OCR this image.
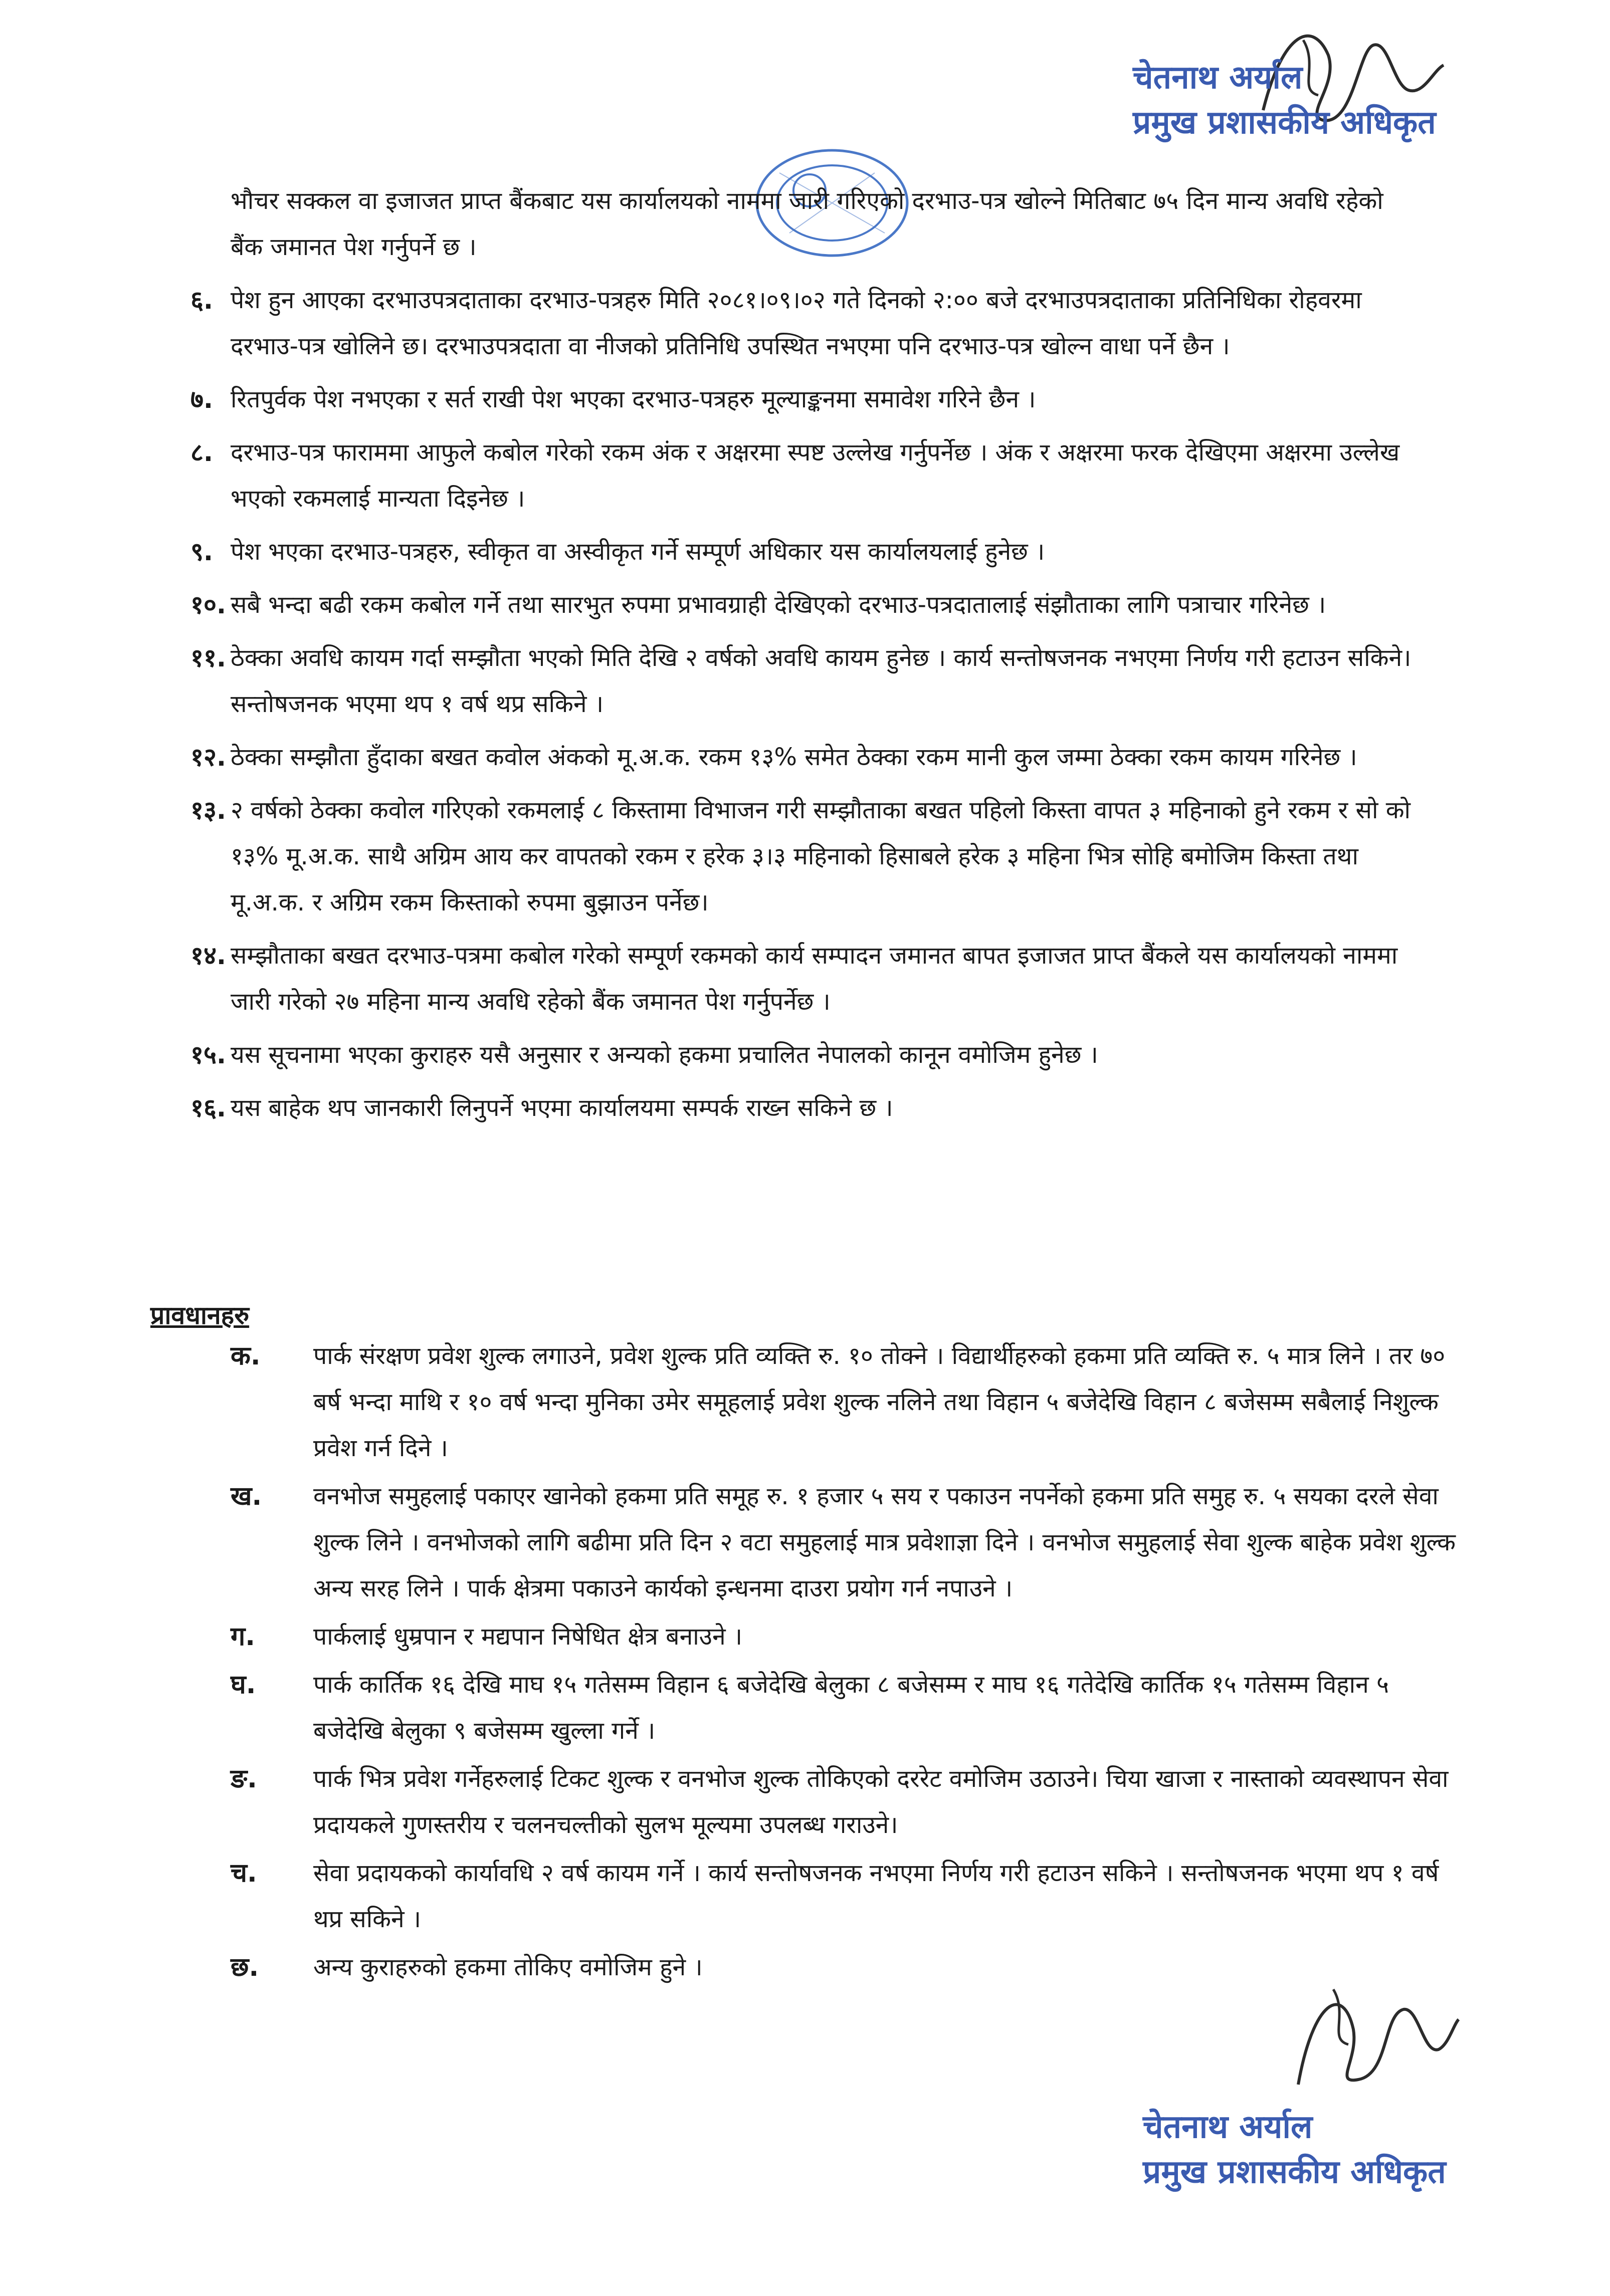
चेतनाथ अर्याल
प्रमुख प्रशासकीय अधिकृत
भौचर सक्कल वा इजाजत प्राप्त बैंकबाट यस कार्यालयको नाममा जारी गरिएको दरभाउ-पत्र खोल्ने मितिबाट ७५ दिन मान्य अवधि रहेको बैंक जमानत पेश गर्नुपर्ने छ ।
६. पेश हुन आएका दरभाउपत्रदाताका दरभाउ-पत्रहरु मिति २०८१।०९।०२ गते दिनको २:०० बजे दरभाउपत्रदाताका प्रतिनिधिका रोहवरमा दरभाउ-पत्र खोलिने छ। दरभाउपत्रदाता वा नीजको प्रतिनिधि उपस्थित नभएमा पनि दरभाउ-पत्र खोल्न वाधा पर्ने छैन ।
७. रितपुर्वक पेश नभएका र सर्त राखी पेश भएका दरभाउ-पत्रहरु मूल्याङ्कनमा समावेश गरिने छैन ।
८. दरभाउ-पत्र फाराममा आफुले कबोल गरेको रकम अंक र अक्षरमा स्पष्ट उल्लेख गर्नुपर्नेछ । अंक र अक्षरमा फरक देखिएमा अक्षरमा उल्लेख भएको रकमलाई मान्यता दिइनेछ ।
९. पेश भएका दरभाउ-पत्रहरु, स्वीकृत वा अस्वीकृत गर्ने सम्पूर्ण अधिकार यस कार्यालयलाई हुनेछ ।
१०. सबै भन्दा बढी रकम कबोल गर्ने तथा सारभुत रुपमा प्रभावग्राही देखिएको दरभाउ-पत्रदातालाई संझौताका लागि पत्राचार गरिनेछ ।
११. ठेक्का अवधि कायम गर्दा सम्झौता भएको मिति देखि २ वर्षको अवधि कायम हुनेछ । कार्य सन्तोषजनक नभएमा निर्णय गरी हटाउन सकिने। सन्तोषजनक भएमा थप १ वर्ष थप्र सकिने ।
१२. ठेक्का सम्झौता हुँदाका बखत कवोल अंकको मू.अ.क. रकम १३% समेत ठेक्का रकम मानी कुल जम्मा ठेक्का रकम कायम गरिनेछ ।
१३. २ वर्षको ठेक्का कवोल गरिएको रकमलाई ८ किस्तामा विभाजन गरी सम्झौताका बखत पहिलो किस्ता वापत ३ महिनाको हुने रकम र सो को १३% मू.अ.क. साथै अग्रिम आय कर वापतको रकम र हरेक ३।३ महिनाको हिसाबले हरेक ३ महिना भित्र सोहि बमोजिम किस्ता तथा मू.अ.क. र अग्रिम रकम किस्ताको रुपमा बुझाउन पर्नेछ।
१४. सम्झौताका बखत दरभाउ-पत्रमा कबोल गरेको सम्पूर्ण रकमको कार्य सम्पादन जमानत बापत इजाजत प्राप्त बैंकले यस कार्यालयको नाममा जारी गरेको २७ महिना मान्य अवधि रहेको बैंक जमानत पेश गर्नुपर्नेछ ।
१५. यस सूचनामा भएका कुराहरु यसै अनुसार र अन्यको हकमा प्रचालित नेपालको कानून वमोजिम हुनेछ ।
१६. यस बाहेक थप जानकारी लिनुपर्ने भएमा कार्यालयमा सम्पर्क राख्न सकिने छ ।
प्रावधानहरु
क. पार्क संरक्षण प्रवेश शुल्क लगाउने, प्रवेश शुल्क प्रति व्यक्ति रु. १० तोक्ने । विद्यार्थीहरुको हकमा प्रति व्यक्ति रु. ५ मात्र लिने । तर ७० बर्ष भन्दा माथि र १० वर्ष भन्दा मुनिका उमेर समूहलाई प्रवेश शुल्क नलिने तथा विहान ५ बजेदेखि विहान ८ बजेसम्म सबैलाई निशुल्क प्रवेश गर्न दिने ।
ख. वनभोज समुहलाई पकाएर खानेको हकमा प्रति समूह रु. १ हजार ५ सय र पकाउन नपर्नेको हकमा प्रति समुह रु. ५ सयका दरले सेवा शुल्क लिने । वनभोजको लागि बढीमा प्रति दिन २ वटा समुहलाई मात्र प्रवेशाज्ञा दिने । वनभोज समुहलाई सेवा शुल्क बाहेक प्रवेश शुल्क अन्य सरह लिने । पार्क क्षेत्रमा पकाउने कार्यको इन्धनमा दाउरा प्रयोग गर्न नपाउने ।
ग. पार्कलाई धुम्रपान र मद्यपान निषेधित क्षेत्र बनाउने ।
घ. पार्क कार्तिक १६ देखि माघ १५ गतेसम्म विहान ६ बजेदेखि बेलुका ८ बजेसम्म र माघ १६ गतेदेखि कार्तिक १५ गतेसम्म विहान ५ बजेदेखि बेलुका ९ बजेसम्म खुल्ला गर्ने ।
ङ. पार्क भित्र प्रवेश गर्नेहरुलाई टिकट शुल्क र वनभोज शुल्क तोकिएको दररेट वमोजिम उठाउने। चिया खाजा र नास्ताको व्यवस्थापन सेवा प्रदायकले गुणस्तरीय र चलनचल्तीको सुलभ मूल्यमा उपलब्ध गराउने।
च. सेवा प्रदायकको कार्यावधि २ वर्ष कायम गर्ने । कार्य सन्तोषजनक नभएमा निर्णय गरी हटाउन सकिने । सन्तोषजनक भएमा थप १ वर्ष थप्र सकिने ।
छ. अन्य कुराहरुको हकमा तोकिए वमोजिम हुने ।
चेतनाथ अर्याल
प्रमुख प्रशासकीय अधिकृत
